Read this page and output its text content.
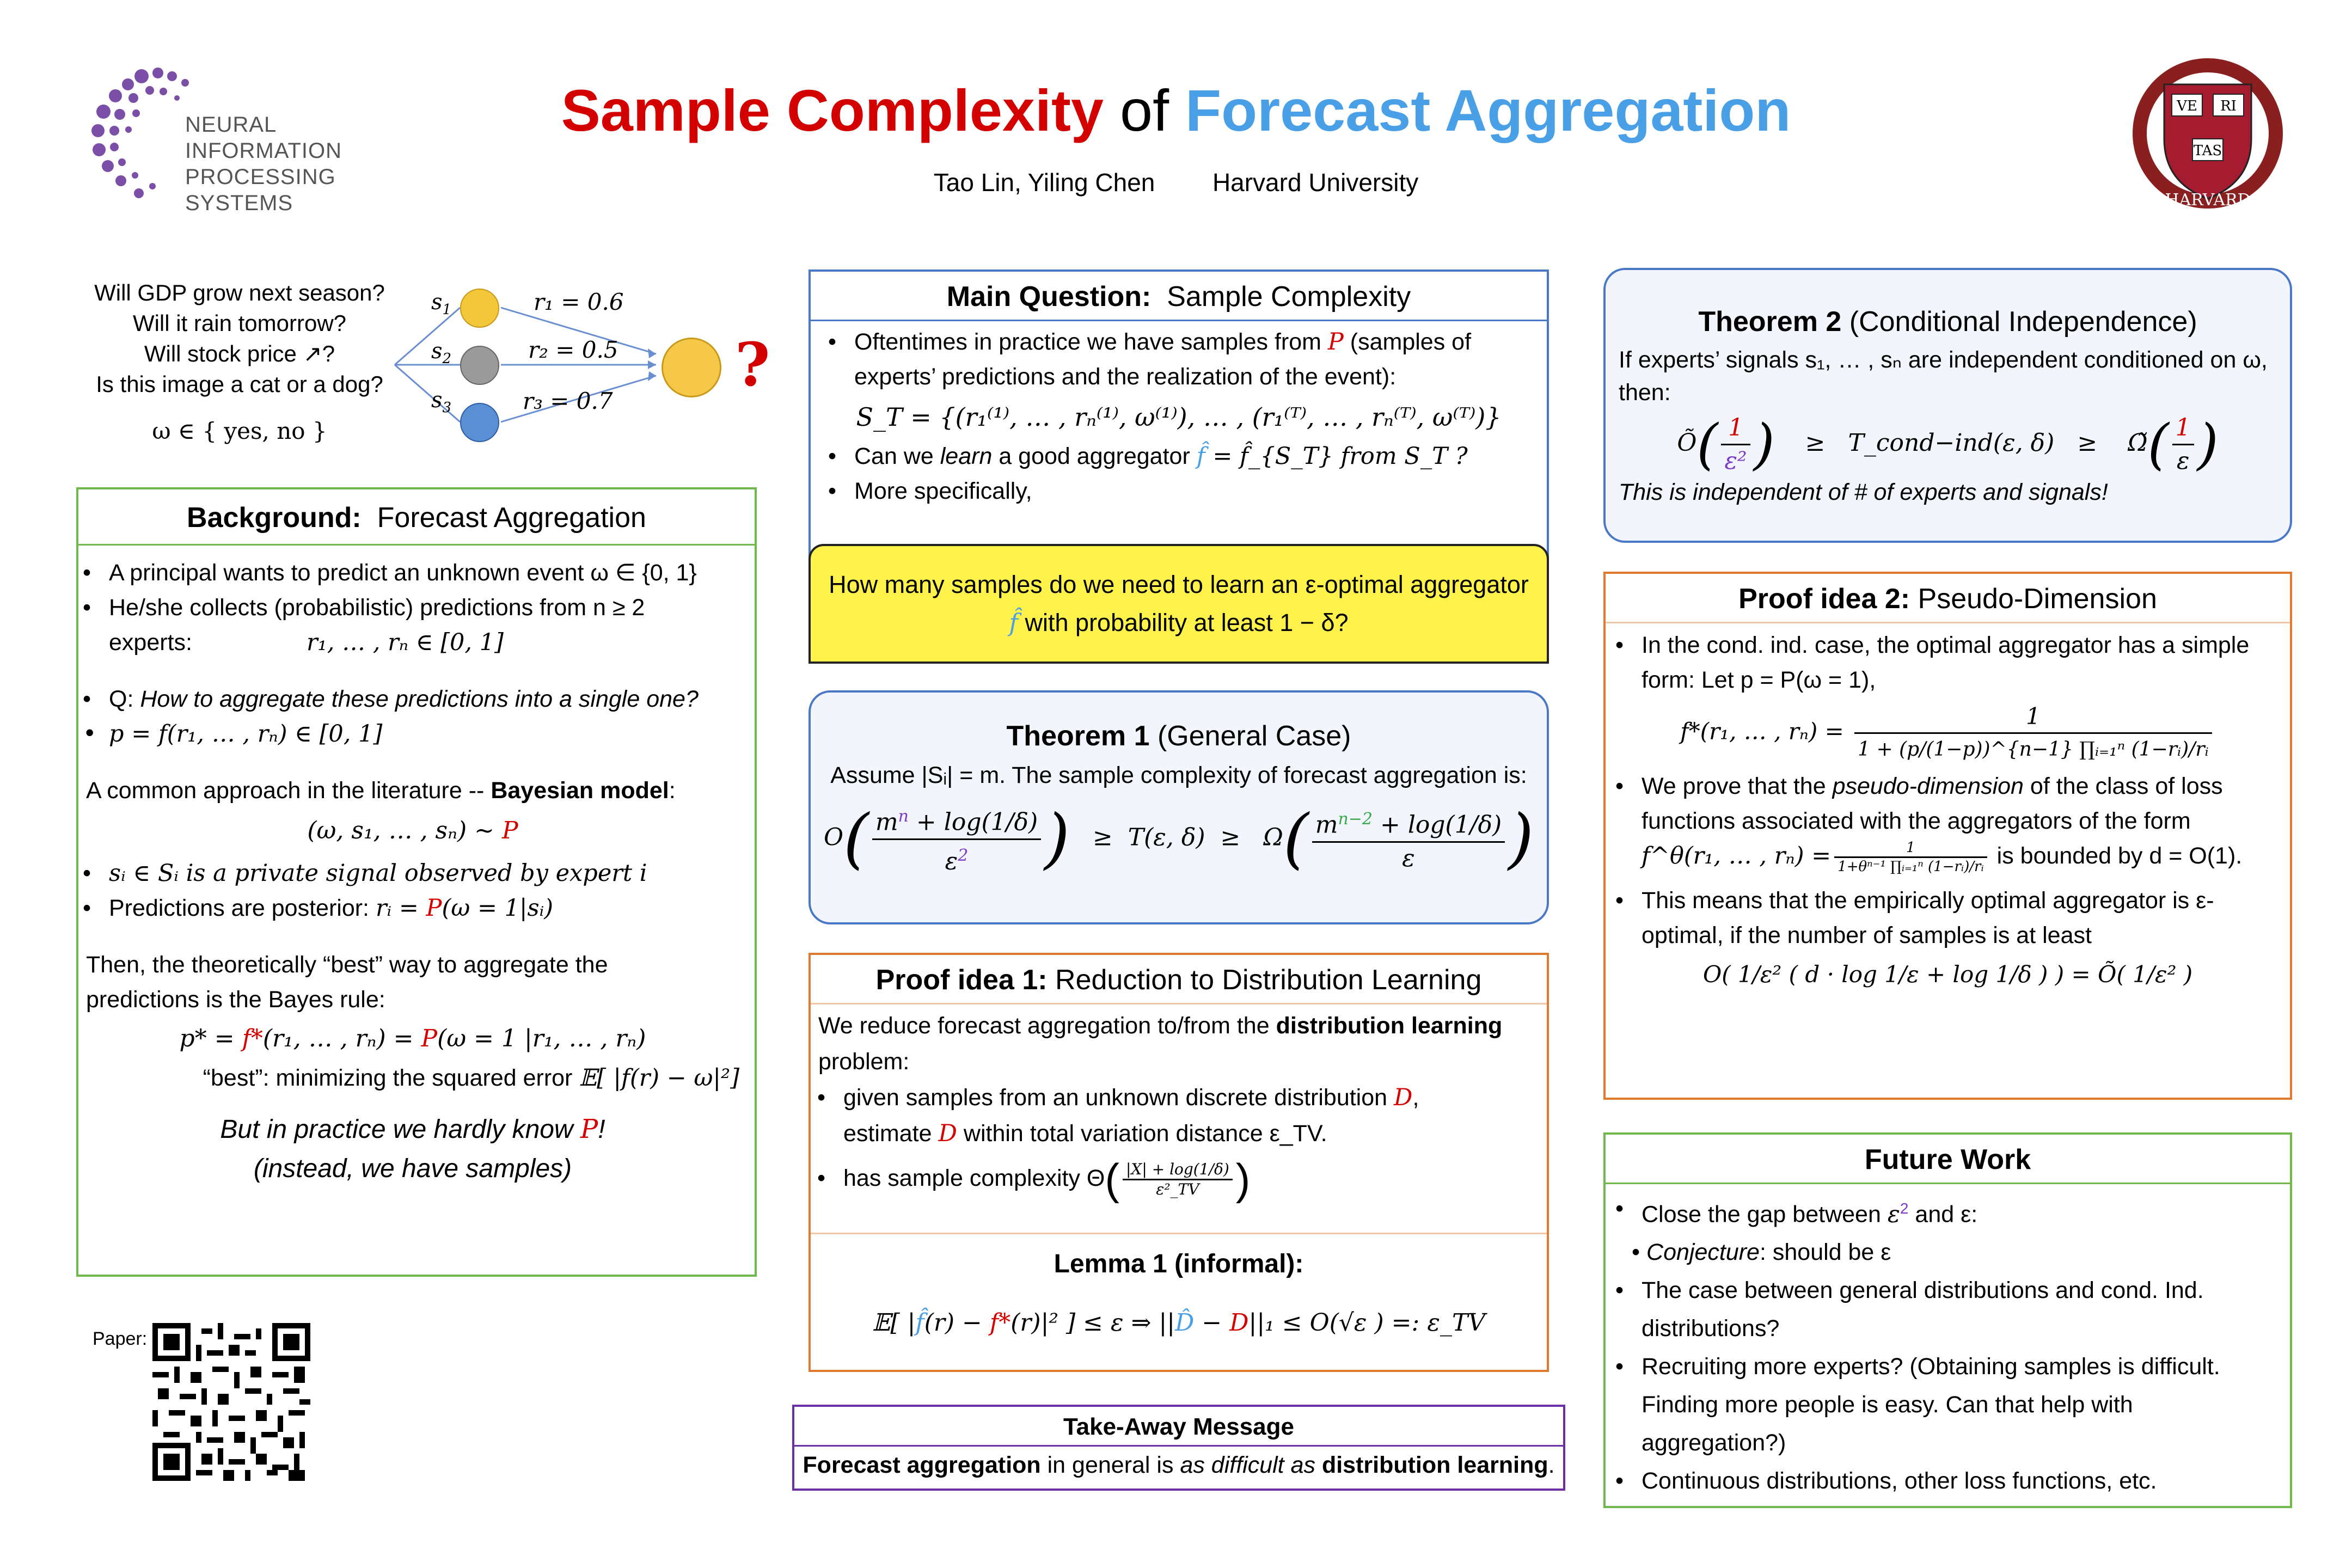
NEURAL INFORMATION
PROCESSING SYSTEMS
Sample Complexity of Forecast Aggregation
Tao Lin, Yiling Chen Harvard University
VE RI
TAS
HARVARD
Will GDP grow next season?
Will it rain tomorrow?
Will stock price ↗?
Is this image a cat or a dog?
ω ∈ { yes, no }
$s_1$
$s_2$
$s_3$
r₁ = 0.6
r₂ = 0.5
r₃ = 0.7
?
Background: Forecast Aggregation
• A principal wants to predict an unknown event ω ∈ {0, 1}
• He/she collects (probabilistic) predictions from n ≥ 2
experts:	r₁, … , rₙ ∈ [0, 1]
• Q: How to aggregate these predictions into a single one?
• p = f(r₁, … , rₙ) ∈ [0, 1]
A common approach in the literature -- Bayesian model:
(ω, s₁, … , sₙ) ~ P
• sᵢ ∈ Sᵢ is a private signal observed by expert i
• Predictions are posterior: rᵢ = P(ω = 1|sᵢ)
Then, the theoretically “best” way to aggregate the
predictions is the Bayes rule:
p* = f*(r₁, … , rₙ) = P(ω = 1 |r₁, … , rₙ)
“best”: minimizing the squared error 𝔼[ |f(r) − ω|²]
But in practice we hardly know P!
(instead, we have samples)
Paper:
Main Question: Sample Complexity
• Oftentimes in practice we have samples from P (samples of
experts’ predictions and the realization of the event):
S_T = {(r₁⁽¹⁾, … , rₙ⁽¹⁾, ω⁽¹⁾), … , (r₁⁽ᵀ⁾, … , rₙ⁽ᵀ⁾, ω⁽ᵀ⁾)}
• Can we learn a good aggregator f̂ = f̂_{S_T} from S_T ?
• More specifically,
How many samples do we need to learn an ε-optimal aggregator
f̂ with probability at least 1 − δ?
Theorem 1 (General Case)
Assume |Sᵢ| = m. The sample complexity of forecast aggregation is:
$O( \frac{m^n + \log(1/\delta)}{\varepsilon^2}$ ) ≥ T(ε, $\delta) \ge \Omega( \frac{m^{n-2} + \log(1/\delta)}{\varepsilon}$ )
Proof idea 1: Reduction to Distribution Learning
We reduce forecast aggregation to/from the distribution learning
problem:
• given samples from an unknown discrete distribution D,
estimate D within total variation distance ε_TV.
• has sample complexity $\Theta( \frac{|X| + \log(1/\delta)}{\text{ε²\_TV}}$ )
Lemma 1 (informal):
𝔼[ |f̂(r) − f*(r)|² ] ≤ ε ⇒ ||D̂ − D||₁ ≤ O(√ε ) =: ε_TV
Take-Away Message
Forecast aggregation in general is as difficult as distribution learning.
Theorem 2 (Conditional Independence)
If experts’ signals s₁, … , sₙ are independent conditioned on ω,
then:
Õ( $\frac{1}{\text{ε²}}$ ) ≥ T_cond−ind(ε, δ) ≥ Ω̃( $\frac{1}{\varepsilon}$ )
This is independent of # of experts and signals!
Proof idea 2: Pseudo-Dimension
• In the cond. ind. case, the optimal aggregator has a simple
form: Let p = P(ω = 1),
f*(r₁, … , $r_n) = \frac{1}{\text{1 + (p/(1−p))\textasciicircum{}\{n−1\} ∏ᵢ₌₁ⁿ (1−rᵢ)/rᵢ}}$
• We prove that the pseudo-dimension of the class of loss
functions associated with the aggregators of the form
f^θ(r₁, … , $r_n) = \frac{1}{\text{1+θⁿ⁻¹ ∏ᵢ₌₁ⁿ (1−rᵢ)/rᵢ}}$ is bounded by d = O(1).
• This means that the empirically optimal aggregator is ε-
optimal, if the number of samples is at least
O( 1/ε² ( d · log 1/ε + log 1/δ ) ) = Õ( 1/ε² )
Future Work
• Close the gap between $\varepsilon^2$ and ε:
• Conjecture: should be ε
• The case between general distributions and cond. Ind.
distributions?
• Recruiting more experts? (Obtaining samples is difficult.
Finding more people is easy. Can that help with
aggregation?)
• Continuous distributions, other loss functions, etc.
